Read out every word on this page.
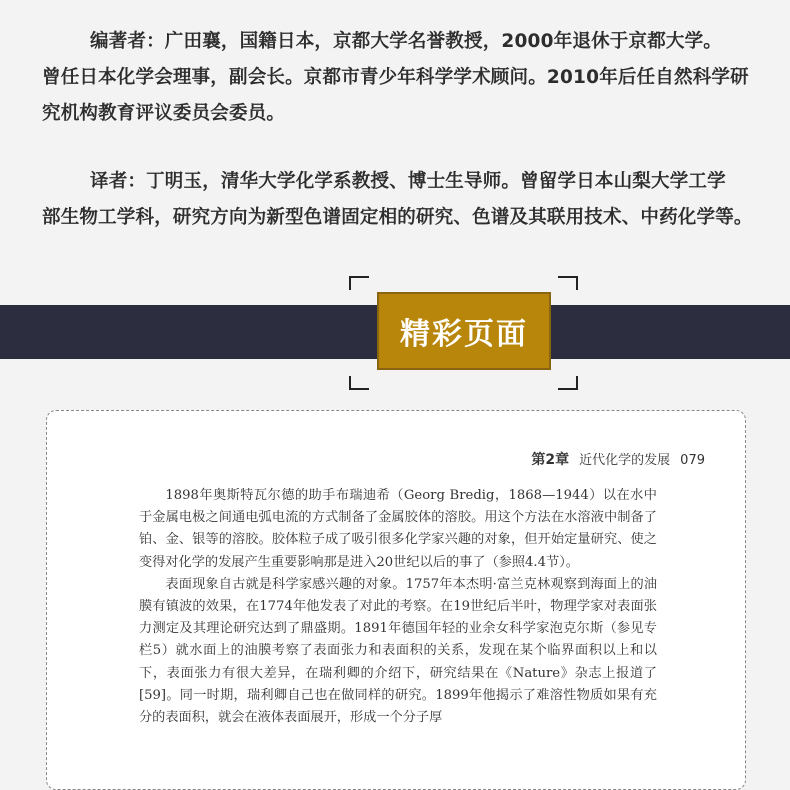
编著者：广田襄，国籍日本，京都大学名誉教授，2000年退休于京都大学。
曾任日本化学会理事，副会长。京都市青少年科学学术顾问。2010年后任自然科学研究机构教育评议委员会委员。
译者：丁明玉，清华大学化学系教授、博士生导师。曾留学日本山梨大学工学
部生物工学科，研究方向为新型色谱固定相的研究、色谱及其联用技术、中药化学等。
精彩页面
第2章 近代化学的发展 079

1898年奥斯特瓦尔德的助手布瑞迪希（Georg Bredig，1868—1944）以在水中于金属电极之间通电弧电流的方式制备了金属胶体的溶胶。用这个方法在水溶液中制备了铂、金、银等的溶胶。胶体粒子成了吸引很多化学家兴趣的对象，但开始定量研究、使之变得对化学的发展产生重要影响那是进入20世纪以后的事了（参照4.4节）。

表面现象自古就是科学家感兴趣的对象。1757年本杰明·富兰克林观察到海面上的油膜有镇波的效果，在1774年他发表了对此的考察。在19世纪后半叶，物理学家对表面张力测定及其理论研究达到了鼎盛期。1891年德国年轻的业余女科学家泡克尔斯（参见专栏5）就水面上的油膜考察了表面张力和表面积的关系，发现在某个临界面积以上和以下，表面张力有很大差异，在瑞利卿的介绍下，研究结果在《Nature》杂志上报道了[59]。同一时期，瑞利卿自己也在做同样的研究。1899年他揭示了难溶性物质如果有充分的表面积，就会在液体表面展开，形成一个分子厚
